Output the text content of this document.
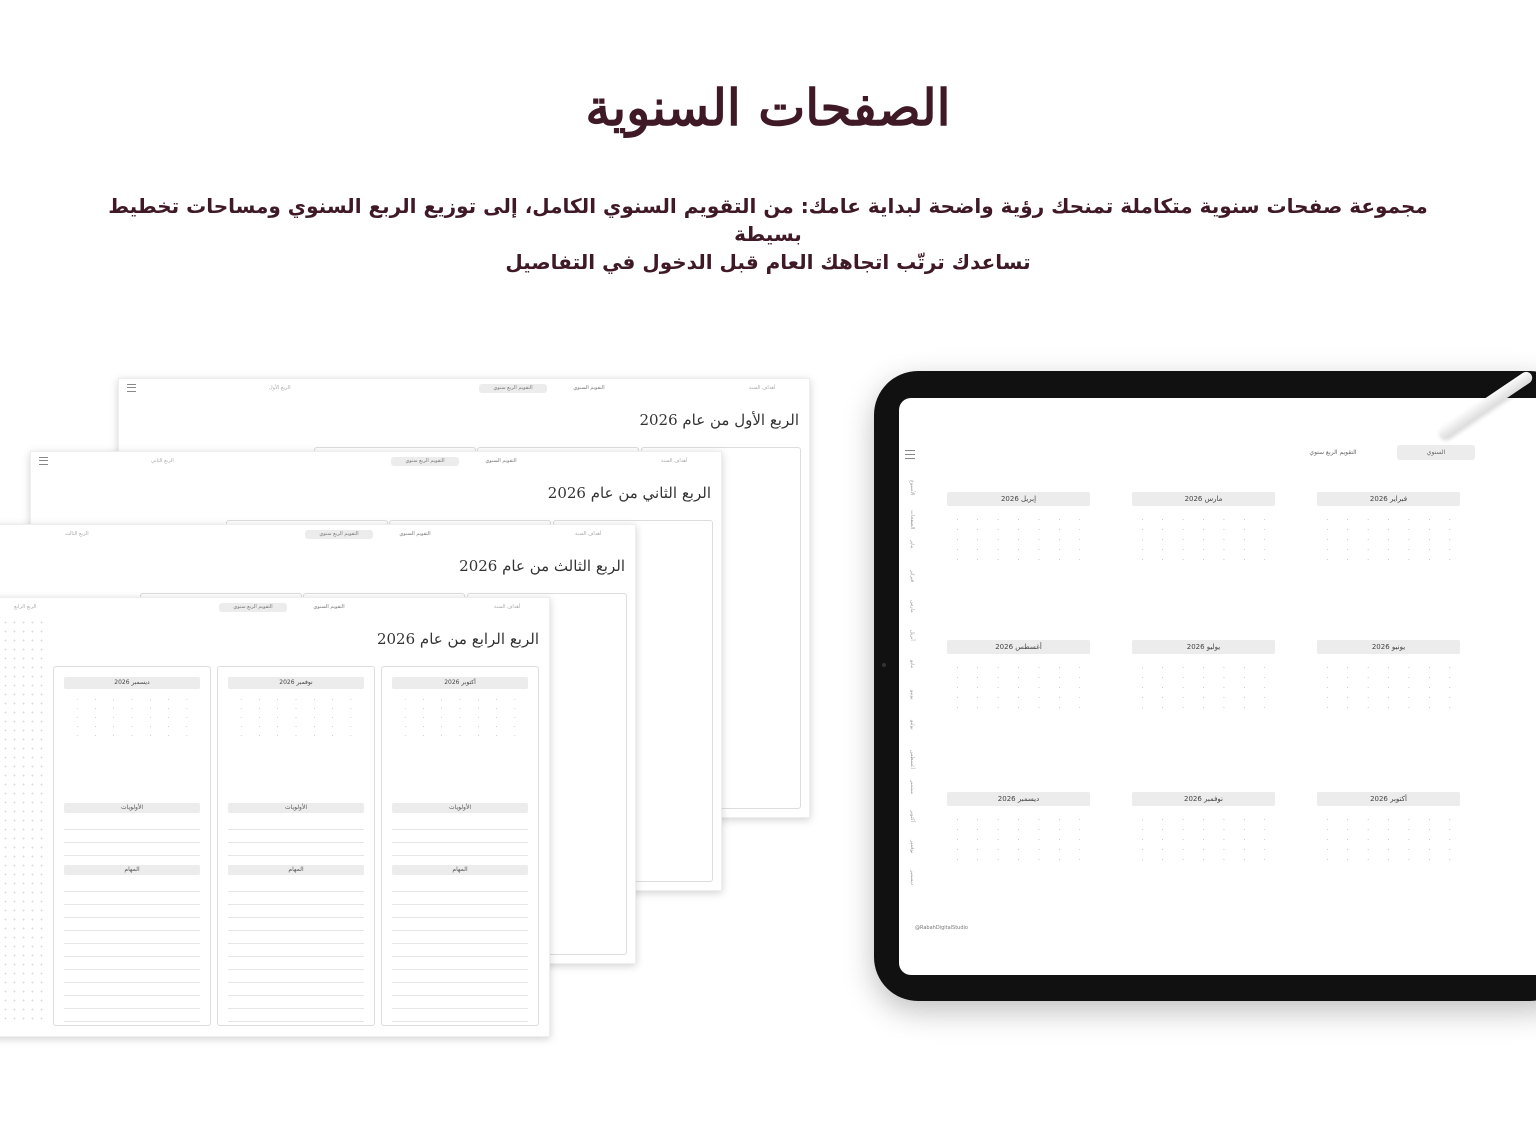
الصفحات السنوية
مجموعة صفحات سنوية متكاملة تمنحك رؤية واضحة لبداية عامك: من التقويم السنوي الكامل، إلى توزيع الربع السنوي ومساحات تخطيط بسيطة
تساعدك ترتّب اتجاهك العام قبل الدخول في التفاصيل
الربع الأول	التقويم الربع سنوي	التقويم السنوي	أهداف السنة
الربع الأول من عام 2026
الربع الثاني	التقويم الربع سنوي	التقويم السنوي	أهداف السنة
الربع الثاني من عام 2026
الربع الثالث	التقويم الربع سنوي	التقويم السنوي	أهداف السنة
الربع الثالث من عام 2026
الربع الرابع	التقويم الربع سنوي	التقويم السنوي	أهداف السنة
الربع الرابع من عام 2026
ديسمبر 2026
·	·	·	·	·	·	·
·	·	·	·	·	·	·
·	·	·	·	·	·	·
·	·	·	·	·	·	·
·	·	·	·	·	·	·
الأولويات
المهام
نوفمبر 2026
·	·	·	·	·	·	·
·	·	·	·	·	·	·
·	·	·	·	·	·	·
·	·	·	·	·	·	·
·	·	·	·	·	·	·
الأولويات
المهام
أكتوبر 2026
·	·	·	·	·	·	·
·	·	·	·	·	·	·
·	·	·	·	·	·	·
·	·	·	·	·	·	·
·	·	·	·	·	·	·
الأولويات
المهام
التقويم الربع سنوي	السنوي
الأسبوع
الصفحات
يناير
فبراير
مارس
أبريل
مايو
يونيو
يوليو
أغسطس
سبتمبر
أكتوبر
نوفمبر
ديسمبر
فبراير 2026
·	·	·	·	·	·	·
·	·	·	·	·	·	·
·	·	·	·	·	·	·
·	·	·	·	·	·	·
·	·	·	·	·	·	·
مارس 2026
·	·	·	·	·	·	·
·	·	·	·	·	·	·
·	·	·	·	·	·	·
·	·	·	·	·	·	·
·	·	·	·	·	·	·
إبريل 2026
·	·	·	·	·	·	·
·	·	·	·	·	·	·
·	·	·	·	·	·	·
·	·	·	·	·	·	·
·	·	·	·	·	·	·
يونيو 2026
·	·	·	·	·	·	·
·	·	·	·	·	·	·
·	·	·	·	·	·	·
·	·	·	·	·	·	·
·	·	·	·	·	·	·
يوليو 2026
·	·	·	·	·	·	·
·	·	·	·	·	·	·
·	·	·	·	·	·	·
·	·	·	·	·	·	·
·	·	·	·	·	·	·
أغسطس 2026
·	·	·	·	·	·	·
·	·	·	·	·	·	·
·	·	·	·	·	·	·
·	·	·	·	·	·	·
·	·	·	·	·	·	·
أكتوبر 2026
·	·	·	·	·	·	·
·	·	·	·	·	·	·
·	·	·	·	·	·	·
·	·	·	·	·	·	·
·	·	·	·	·	·	·
نوفمبر 2026
·	·	·	·	·	·	·
·	·	·	·	·	·	·
·	·	·	·	·	·	·
·	·	·	·	·	·	·
·	·	·	·	·	·	·
ديسمبر 2026
·	·	·	·	·	·	·
·	·	·	·	·	·	·
·	·	·	·	·	·	·
·	·	·	·	·	·	·
·	·	·	·	·	·	·
@RabahDigitalStudio
